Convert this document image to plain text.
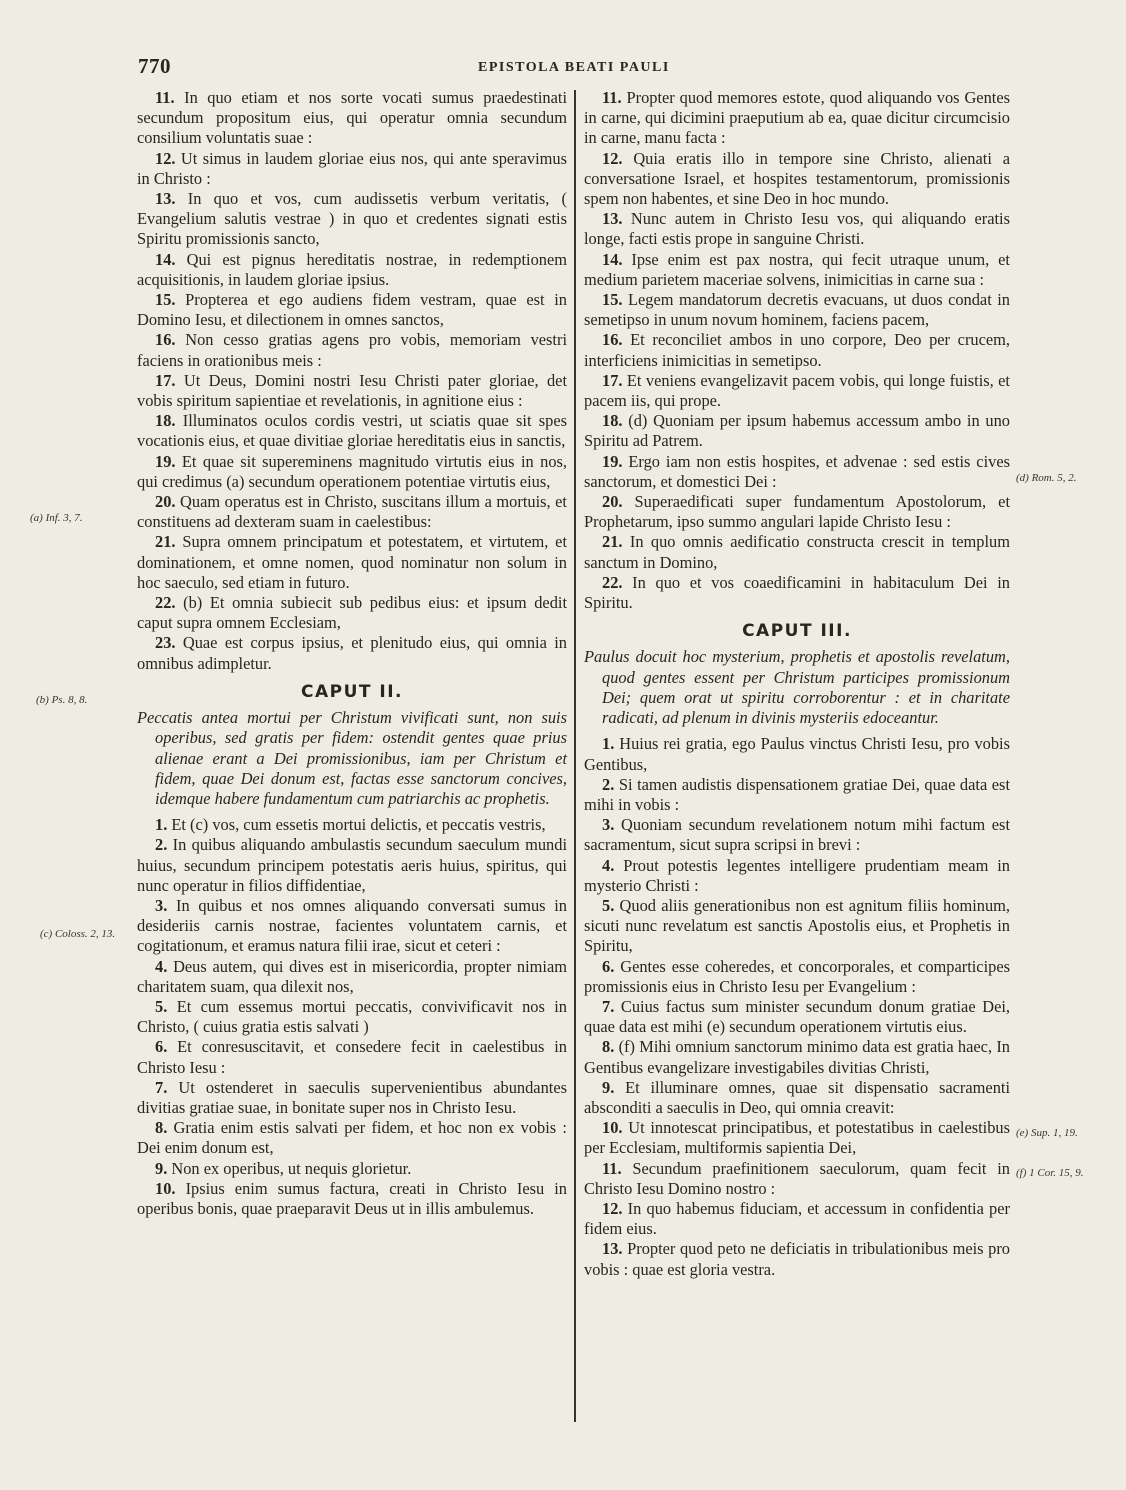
770	EPISTOLA BEATI PAULI

11. In quo etiam et nos sorte vocati sumus praedestinati secundum propositum eius, qui operatur omnia secundum consilium voluntatis suae :

12. Ut simus in laudem gloriae eius nos, qui ante speravimus in Christo :

13. In quo et vos, cum audissetis verbum veritatis, ( Evangelium salutis vestrae ) in quo et credentes signati estis Spiritu promissionis sancto,

14. Qui est pignus hereditatis nostrae, in redemptionem acquisitionis, in laudem gloriae ipsius.

15. Propterea et ego audiens fidem vestram, quae est in Domino Iesu, et dilectionem in omnes sanctos,

16. Non cesso gratias agens pro vobis, memoriam vestri faciens in orationibus meis :

17. Ut Deus, Domini nostri Iesu Christi pater gloriae, det vobis spiritum sapientiae et revelationis, in agnitione eius :

18. Illuminatos oculos cordis vestri, ut sciatis quae sit spes vocationis eius, et quae divitiae gloriae hereditatis eius in sanctis,

19. Et quae sit supereminens magnitudo virtutis eius in nos, qui credimus (a) secundum operationem potentiae virtutis eius,

20. Quam operatus est in Christo, suscitans illum a mortuis, et constituens ad dexteram suam in caelestibus:

21. Supra omnem principatum et potestatem, et virtutem, et dominationem, et omne nomen, quod nominatur non solum in hoc saeculo, sed etiam in futuro.

22. (b) Et omnia subiecit sub pedibus eius: et ipsum dedit caput supra omnem Ecclesiam,

23. Quae est corpus ipsius, et plenitudo eius, qui omnia in omnibus adimpletur.

CAPUT II.

Peccatis antea mortui per Christum vivificati sunt, non suis operibus, sed gratis per fidem: ostendit gentes quae prius alienae erant a Dei promissionibus, iam per Christum et fidem, quae Dei donum est, factas esse sanctorum concives, idemque habere fundamentum cum patriarchis ac prophetis.

1. Et (c) vos, cum essetis mortui delictis, et peccatis vestris,

2. In quibus aliquando ambulastis secundum saeculum mundi huius, secundum principem potestatis aeris huius, spiritus, qui nunc operatur in filios diffidentiae,

3. In quibus et nos omnes aliquando conversati sumus in desideriis carnis nostrae, facientes voluntatem carnis, et cogitationum, et eramus natura filii irae, sicut et ceteri :

4. Deus autem, qui dives est in misericordia, propter nimiam charitatem suam, qua dilexit nos,

5. Et cum essemus mortui peccatis, convivificavit nos in Christo, ( cuius gratia estis salvati )

6. Et conresuscitavit, et consedere fecit in caelestibus in Christo Iesu :

7. Ut ostenderet in saeculis supervenientibus abundantes divitias gratiae suae, in bonitate super nos in Christo Iesu.

8. Gratia enim estis salvati per fidem, et hoc non ex vobis : Dei enim donum est,

9. Non ex operibus, ut nequis glorietur.

10. Ipsius enim sumus factura, creati in Christo Iesu in operibus bonis, quae praeparavit Deus ut in illis ambulemus.

11. Propter quod memores estote, quod aliquando vos Gentes in carne, qui dicimini praeputium ab ea, quae dicitur circumcisio in carne, manu facta :

12. Quia eratis illo in tempore sine Christo, alienati a conversatione Israel, et hospites testamentorum, promissionis spem non habentes, et sine Deo in hoc mundo.

13. Nunc autem in Christo Iesu vos, qui aliquando eratis longe, facti estis prope in sanguine Christi.

14. Ipse enim est pax nostra, qui fecit utraque unum, et medium parietem maceriae solvens, inimicitias in carne sua :

15. Legem mandatorum decretis evacuans, ut duos condat in semetipso in unum novum hominem, faciens pacem,

16. Et reconciliet ambos in uno corpore, Deo per crucem, interficiens inimicitias in semetipso.

17. Et veniens evangelizavit pacem vobis, qui longe fuistis, et pacem iis, qui prope.

18. (d) Quoniam per ipsum habemus accessum ambo in uno Spiritu ad Patrem.

19. Ergo iam non estis hospites, et advenae : sed estis cives sanctorum, et domestici Dei :

20. Superaedificati super fundamentum Apostolorum, et Prophetarum, ipso summo angulari lapide Christo Iesu :

21. In quo omnis aedificatio constructa crescit in templum sanctum in Domino,

22. In quo et vos coaedificamini in habitaculum Dei in Spiritu.

CAPUT III.

Paulus docuit hoc mysterium, prophetis et apostolis revelatum, quod gentes essent per Christum participes promissionum Dei; quem orat ut spiritu corroborentur : et in charitate radicati, ad plenum in divinis mysteriis edoceantur.

1. Huius rei gratia, ego Paulus vinctus Christi Iesu, pro vobis Gentibus,

2. Si tamen audistis dispensationem gratiae Dei, quae data est mihi in vobis :

3. Quoniam secundum revelationem notum mihi factum est sacramentum, sicut supra scripsi in brevi :

4. Prout potestis legentes intelligere prudentiam meam in mysterio Christi :

5. Quod aliis generationibus non est agnitum filiis hominum, sicuti nunc revelatum est sanctis Apostolis eius, et Prophetis in Spiritu,

6. Gentes esse coheredes, et concorporales, et comparticipes promissionis eius in Christo Iesu per Evangelium :

7. Cuius factus sum minister secundum donum gratiae Dei, quae data est mihi (e) secundum operationem virtutis eius.

8. (f) Mihi omnium sanctorum minimo data est gratia haec, In Gentibus evangelizare investigabiles divitias Christi,

9. Et illuminare omnes, quae sit dispensatio sacramenti absconditi a saeculis in Deo, qui omnia creavit:

10. Ut innotescat principatibus, et potestatibus in caelestibus per Ecclesiam, multiformis sapientia Dei,

11. Secundum praefinitionem saeculorum, quam fecit in Christo Iesu Domino nostro :

12. In quo habemus fiduciam, et accessum in confidentia per fidem eius.

13. Propter quod peto ne deficiatis in tribulationibus meis pro vobis : quae est gloria vestra.

(a) Inf. 3, 7.
(b) Ps. 8, 8.
(c) Coloss. 2, 13.
(d) Rom. 5, 2.
(e) Sup. 1, 19.
(f) 1 Cor. 15, 9.
